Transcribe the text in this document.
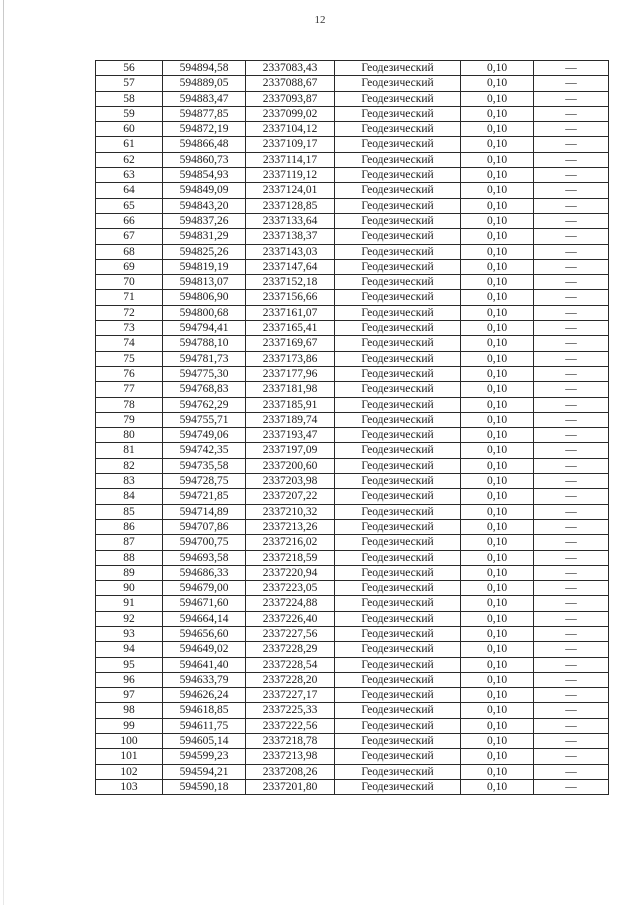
12
56	594894,58	2337083,43	Геодезический	0,10	—
57	594889,05	2337088,67	Геодезический	0,10	—
58	594883,47	2337093,87	Геодезический	0,10	—
59	594877,85	2337099,02	Геодезический	0,10	—
60	594872,19	2337104,12	Геодезический	0,10	—
61	594866,48	2337109,17	Геодезический	0,10	—
62	594860,73	2337114,17	Геодезический	0,10	—
63	594854,93	2337119,12	Геодезический	0,10	—
64	594849,09	2337124,01	Геодезический	0,10	—
65	594843,20	2337128,85	Геодезический	0,10	—
66	594837,26	2337133,64	Геодезический	0,10	—
67	594831,29	2337138,37	Геодезический	0,10	—
68	594825,26	2337143,03	Геодезический	0,10	—
69	594819,19	2337147,64	Геодезический	0,10	—
70	594813,07	2337152,18	Геодезический	0,10	—
71	594806,90	2337156,66	Геодезический	0,10	—
72	594800,68	2337161,07	Геодезический	0,10	—
73	594794,41	2337165,41	Геодезический	0,10	—
74	594788,10	2337169,67	Геодезический	0,10	—
75	594781,73	2337173,86	Геодезический	0,10	—
76	594775,30	2337177,96	Геодезический	0,10	—
77	594768,83	2337181,98	Геодезический	0,10	—
78	594762,29	2337185,91	Геодезический	0,10	—
79	594755,71	2337189,74	Геодезический	0,10	—
80	594749,06	2337193,47	Геодезический	0,10	—
81	594742,35	2337197,09	Геодезический	0,10	—
82	594735,58	2337200,60	Геодезический	0,10	—
83	594728,75	2337203,98	Геодезический	0,10	—
84	594721,85	2337207,22	Геодезический	0,10	—
85	594714,89	2337210,32	Геодезический	0,10	—
86	594707,86	2337213,26	Геодезический	0,10	—
87	594700,75	2337216,02	Геодезический	0,10	—
88	594693,58	2337218,59	Геодезический	0,10	—
89	594686,33	2337220,94	Геодезический	0,10	—
90	594679,00	2337223,05	Геодезический	0,10	—
91	594671,60	2337224,88	Геодезический	0,10	—
92	594664,14	2337226,40	Геодезический	0,10	—
93	594656,60	2337227,56	Геодезический	0,10	—
94	594649,02	2337228,29	Геодезический	0,10	—
95	594641,40	2337228,54	Геодезический	0,10	—
96	594633,79	2337228,20	Геодезический	0,10	—
97	594626,24	2337227,17	Геодезический	0,10	—
98	594618,85	2337225,33	Геодезический	0,10	—
99	594611,75	2337222,56	Геодезический	0,10	—
100	594605,14	2337218,78	Геодезический	0,10	—
101	594599,23	2337213,98	Геодезический	0,10	—
102	594594,21	2337208,26	Геодезический	0,10	—
103	594590,18	2337201,80	Геодезический	0,10	—
